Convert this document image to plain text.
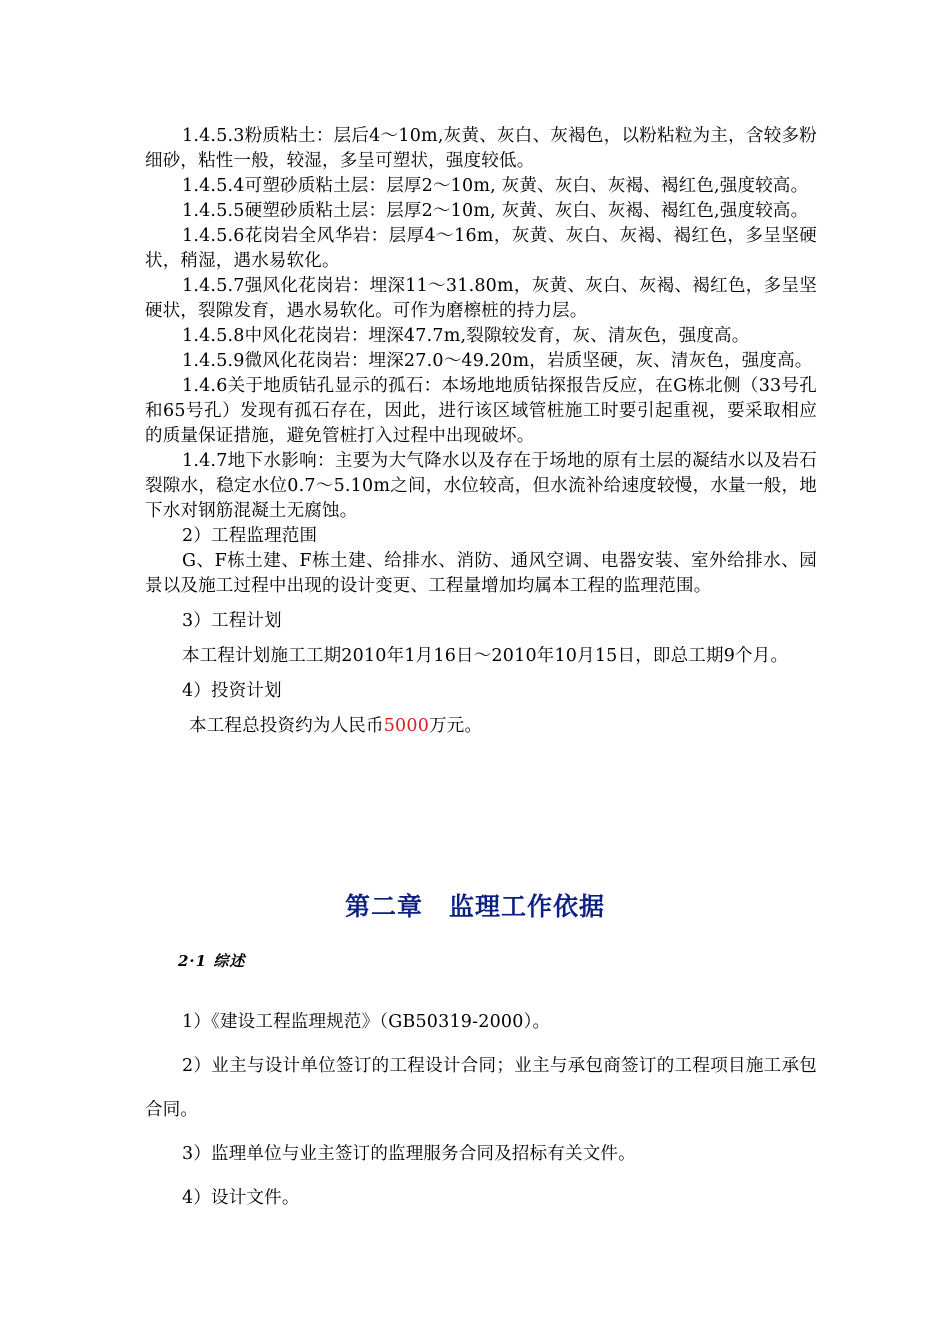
1.4.5.3粉质粘土：层后4～10m,灰黄、灰白、灰褐色，以粉粘粒为主，含较多粉细砂，粘性一般，较湿，多呈可塑状，强度较低。

1.4.5.4可塑砂质粘土层：层厚2～10m, 灰黄、灰白、灰褐、褐红色,强度较高。

1.4.5.5硬塑砂质粘土层：层厚2～10m, 灰黄、灰白、灰褐、褐红色,强度较高。

1.4.5.6花岗岩全风华岩：层厚4～16m，灰黄、灰白、灰褐、褐红色，多呈坚硬状，稍湿，遇水易软化。

1.4.5.7强风化花岗岩：埋深11～31.80m，灰黄、灰白、灰褐、褐红色，多呈坚硬状，裂隙发育，遇水易软化。可作为磨檫桩的持力层。

1.4.5.8中风化花岗岩：埋深47.7m,裂隙较发育，灰、清灰色，强度高。

1.4.5.9微风化花岗岩：埋深27.0～49.20m，岩质坚硬，灰、清灰色，强度高。

1.4.6关于地质钻孔显示的孤石：本场地地质钻探报告反应，在G栋北侧（33号孔和65号孔）发现有孤石存在，因此，进行该区域管桩施工时要引起重视，要采取相应的质量保证措施，避免管桩打入过程中出现破坏。

1.4.7地下水影响：主要为大气降水以及存在于场地的原有土层的凝结水以及岩石裂隙水，稳定水位0.7～5.10m之间，水位较高，但水流补给速度较慢，水量一般，地下水对钢筋混凝土无腐蚀。

2）工程监理范围

G、F栋土建、F栋土建、给排水、消防、通风空调、电器安装、室外给排水、园景以及施工过程中出现的设计变更、工程量增加均属本工程的监理范围。

3）工程计划

本工程计划施工工期2010年1月16日～2010年10月15日，即总工期9个月。

4）投资计划

本工程总投资约为人民币5000万元。

第二章　监理工作依据
2·1 综述

1）《建设工程监理规范》（GB50319-2000）。

2）业主与设计单位签订的工程设计合同；业主与承包商签订的工程项目施工承包合同。

3）监理单位与业主签订的监理服务合同及招标有关文件。

4）设计文件。
